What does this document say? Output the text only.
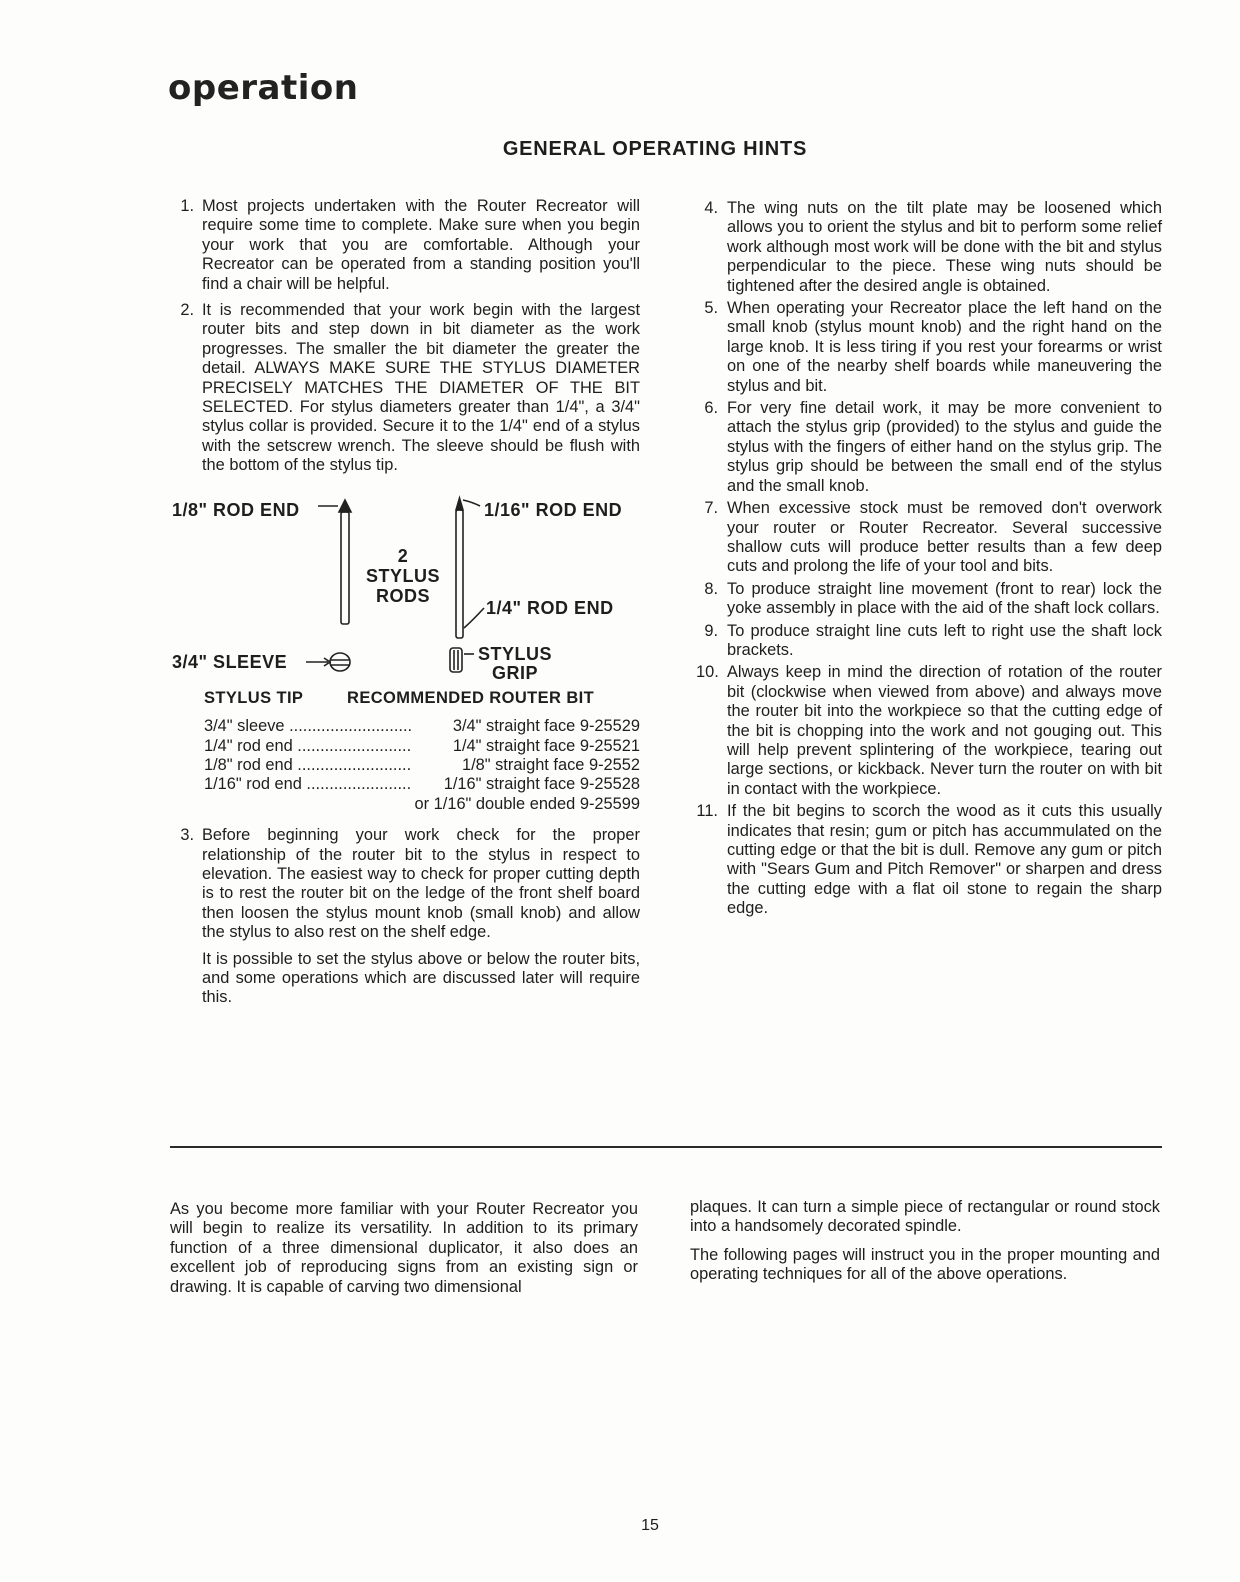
operation
GENERAL OPERATING HINTS
1. Most projects undertaken with the Router Recreator will require some time to complete. Make sure when you begin your work that you are comfortable. Although your Recreator can be operated from a standing position you'll find a chair will be helpful.
2. It is recommended that your work begin with the largest router bits and step down in bit diameter as the work progresses. The smaller the bit diameter the greater the detail. ALWAYS MAKE SURE THE STYLUS DIAMETER PRECISELY MATCHES THE DIAMETER OF THE BIT SELECTED. For stylus diameters greater than 1/4", a 3/4" stylus collar is provided. Secure it to the 1/4" end of a stylus with the setscrew wrench. The sleeve should be flush with the bottom of the stylus tip.
1/8" ROD END	1/16" ROD END
2
STYLUS
RODS
1/4" ROD END
3/4" SLEEVE	STYLUS
GRIP
STYLUS TIP	RECOMMENDED ROUTER BIT
3/4" sleeve .....	3/4" straight face 9-25529
1/4" rod end .....	1/4" straight face 9-25521
1/8" rod end .....	1/8" straight face 9-2552
1/16" rod end .....	1/16" straight face 9-25528
or 1/16" double ended 9-25599
3. Before beginning your work check for the proper relationship of the router bit to the stylus in respect to elevation. The easiest way to check for proper cutting depth is to rest the router bit on the ledge of the front shelf board then loosen the stylus mount knob (small knob) and allow the stylus to also rest on the shelf edge.
It is possible to set the stylus above or below the router bits, and some operations which are discussed later will require this.
4. The wing nuts on the tilt plate may be loosened which allows you to orient the stylus and bit to perform some relief work although most work will be done with the bit and stylus perpendicular to the piece. These wing nuts should be tightened after the desired angle is obtained.
5. When operating your Recreator place the left hand on the small knob (stylus mount knob) and the right hand on the large knob. It is less tiring if you rest your forearms or wrist on one of the nearby shelf boards while maneuvering the stylus and bit.
6. For very fine detail work, it may be more convenient to attach the stylus grip (provided) to the stylus and guide the stylus with the fingers of either hand on the stylus grip. The stylus grip should be between the small end of the stylus and the small knob.
7. When excessive stock must be removed don't overwork your router or Router Recreator. Several successive shallow cuts will produce better results than a few deep cuts and prolong the life of your tool and bits.
8. To produce straight line movement (front to rear) lock the yoke assembly in place with the aid of the shaft lock collars.
9. To produce straight line cuts left to right use the shaft lock brackets.
10. Always keep in mind the direction of rotation of the router bit (clockwise when viewed from above) and always move the router bit into the workpiece so that the cutting edge of the bit is chopping into the work and not gouging out. This will help prevent splintering of the workpiece, tearing out large sections, or kickback. Never turn the router on with bit in contact with the workpiece.
11. If the bit begins to scorch the wood as it cuts this usually indicates that resin; gum or pitch has accummulated on the cutting edge or that the bit is dull. Remove any gum or pitch with "Sears Gum and Pitch Remover" or sharpen and dress the cutting edge with a flat oil stone to regain the sharp edge.

As you become more familiar with your Router Recreator you will begin to realize its versatility. In addition to its primary function of a three dimensional duplicator, it also does an excellent job of reproducing signs from an existing sign or drawing. It is capable of carving two dimensional

plaques. It can turn a simple piece of rectangular or round stock into a handsomely decorated spindle.

The following pages will instruct you in the proper mounting and operating techniques for all of the above operations.

15
